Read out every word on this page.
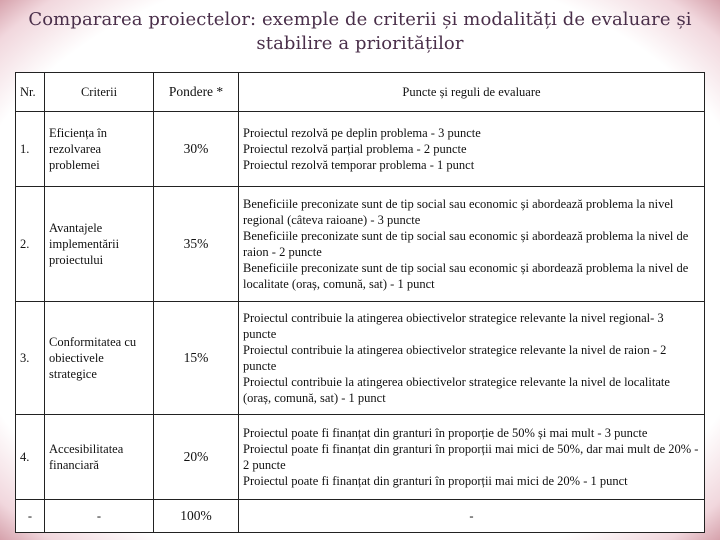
Compararea proiectelor: exemple de criterii și modalități de evaluare și stabilire a priorităților
Nr.	Criterii	Pondere *	Puncte și reguli de evaluare
1.	Eficiența în rezolvarea problemei	30%	Proiectul rezolvă pe deplin problema - 3 puncte
Proiectul rezolvă parțial problema - 2 puncte
Proiectul rezolvă temporar problema - 1 punct

2.	Avantajele implementării proiectului	35%	Beneficiile preconizate sunt de tip social sau economic și abordează problema la nivel regional (câteva raioane) - 3 puncte
Beneficiile preconizate sunt de tip social sau economic și abordează problema la nivel de raion - 2 puncte
Beneficiile preconizate sunt de tip social sau economic și abordează problema la nivel de localitate (oraș, comună, sat) - 1 punct

3.	Conformitatea cu obiectivele strategice	15%	Proiectul contribuie la atingerea obiectivelor strategice relevante la nivel regional- 3 puncte
Proiectul contribuie la atingerea obiectivelor strategice relevante la nivel de raion - 2 puncte
Proiectul contribuie la atingerea obiectivelor strategice relevante la nivel de localitate (oraș, comună, sat) - 1 punct

4.	Accesibilitatea financiară	20%	Proiectul poate fi finanțat din granturi în proporție de 50% și mai mult - 3 puncte
Proiectul poate fi finanțat din granturi în proporții mai mici de 50%, dar mai mult de 20% - 2 puncte
Proiectul poate fi finanțat din granturi în proporții mai mici de 20% - 1 punct

-	-	100%	-
